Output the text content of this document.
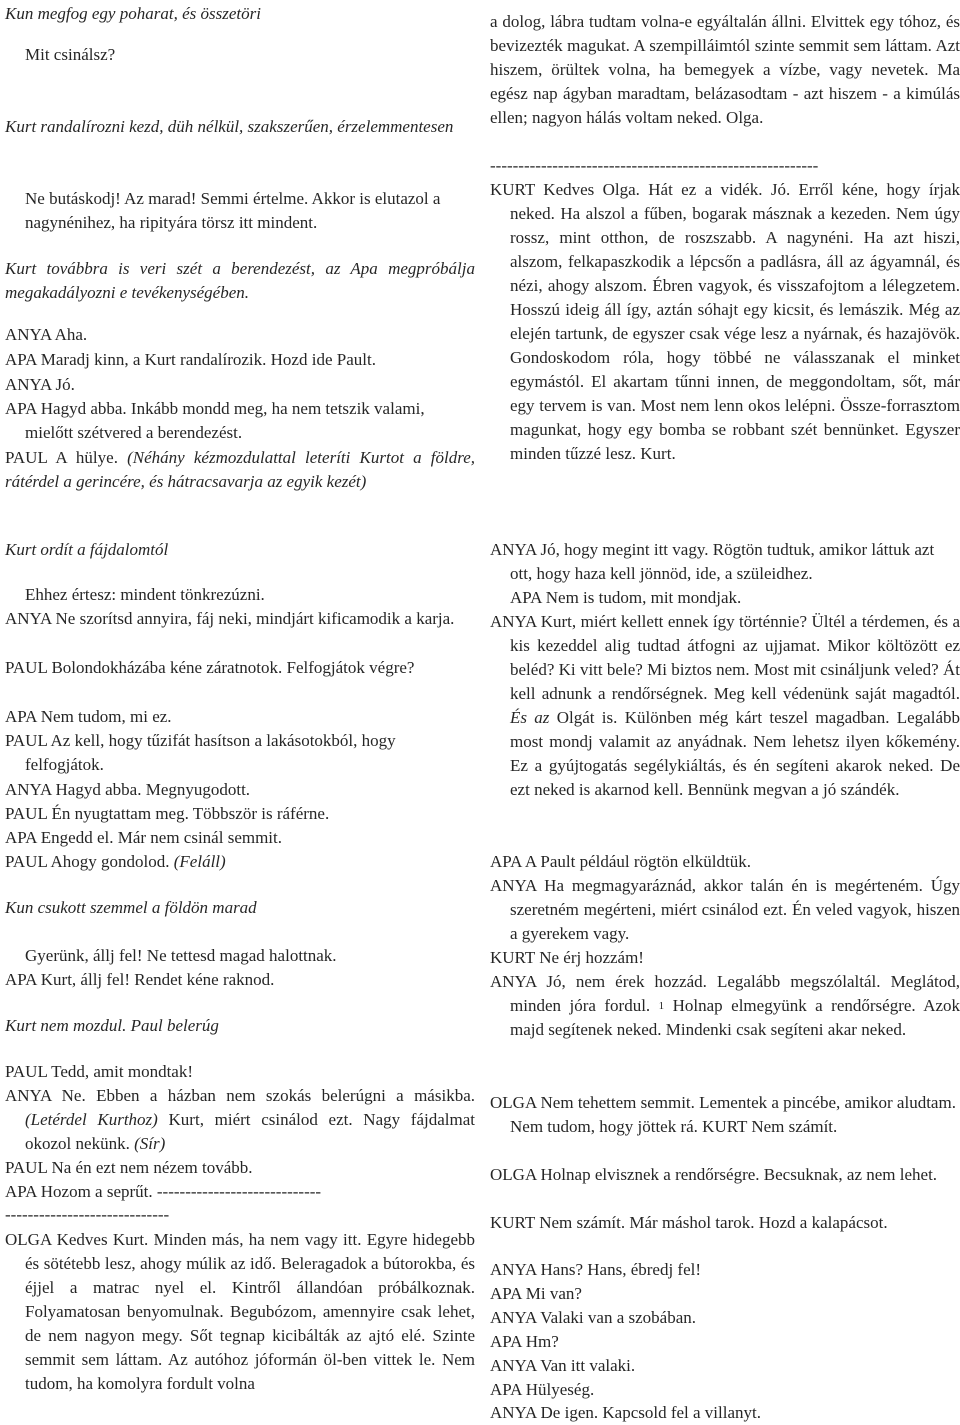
Kun megfog egy poharat, és összetöri

Mit csinálsz?

Kurt randalírozni kezd, düh nélkül, szakszerűen, érzelemmentesen

Ne butáskodj! Az marad! Semmi értelme. Akkor is elutazol a nagynénihez, ha ripityára törsz itt mindent.

Kurt továbbra is veri szét a berendezést, az Apa megpróbálja megakadályozni e tevékenységében.

ANYA Aha.

APA Maradj kinn, a Kurt randalírozik. Hozd ide Pault.

ANYA Jó.

APA Hagyd abba. Inkább mondd meg, ha nem tetszik valami, mielőtt szétvered a berendezést.

PAUL A hülye. (Néhány kézmozdulattal leteríti Kurtot a földre, rátérdel a gerincére, és hátracsavarja az egyik kezét)

Kurt ordít a fájdalomtól

Ehhez értesz: mindent tönkrezúzni.

ANYA Ne szorítsd annyira, fáj neki, mindjárt kificamodik a karja.

PAUL Bolondokházába kéne záratnotok. Felfogjátok végre?

APA Nem tudom, mi ez.

PAUL Az kell, hogy tűzifát hasítson a lakásotokból, hogy felfogjátok.

ANYA Hagyd abba. Megnyugodott.

PAUL Én nyugtattam meg. Többször is ráférne.

APA Engedd el. Már nem csinál semmit.

PAUL Ahogy gondolod. (Feláll)

Kun csukott szemmel a földön marad

Gyerünk, állj fel! Ne tettesd magad halottnak.

APA Kurt, állj fel! Rendet kéne raknod.

Kurt nem mozdul. Paul belerúg

PAUL Tedd, amit mondtak!

ANYA Ne. Ebben a házban nem szokás belerúgni a másikba. (Letérdel Kurthoz) Kurt, miért csinálod ezt. Nagy fájdalmat okozol nekünk. (Sír)

PAUL Na én ezt nem nézem tovább.

APA Hozom a seprűt. -----------------------------

-----------------------------

OLGA Kedves Kurt. Minden más, ha nem vagy itt. Egyre hidegebb és sötétebb lesz, ahogy múlik az idő. Beleragadok a bútorokba, és éjjel a matrac nyel el. Kintről állandóan próbálkoznak. Folyamatosan benyomulnak. Begubózom, amennyire csak lehet, de nem nagyon megy. Sőt tegnap kicibálták az ajtó elé. Szinte semmit sem láttam. Az autóhoz jóformán öl-ben vittek le. Nem tudom, ha komolyra fordult volna

a dolog, lábra tudtam volna-e egyáltalán állni. Elvittek egy tóhoz, és bevizezték magukat. A szempilláimtól szinte semmit sem láttam. Azt hiszem, örültek volna, ha bemegyek a vízbe, vagy nevetek. Ma egész nap ágyban maradtam, belázasodtam - azt hiszem - a kimúlás ellen; nagyon hálás voltam neked. Olga.

----------------------------------------------------------

KURT Kedves Olga. Hát ez a vidék. Jó. Erről kéne, hogy írjak neked. Ha alszol a fűben, bogarak másznak a kezeden. Nem úgy rossz, mint otthon, de roszszabb. A nagynéni. Ha azt hiszi, alszom, felkapaszkodik a lépcsőn a padlásra, áll az ágyamnál, és nézi, ahogy alszom. Ébren vagyok, és visszafojtom a lélegzetem. Hosszú ideig áll így, aztán sóhajt egy kicsit, és lemászik. Még az elején tartunk, de egyszer csak vége lesz a nyárnak, és hazajövök. Gondoskodom róla, hogy többé ne válasszanak el minket egymástól. El akartam tűnni innen, de meggondoltam, sőt, már egy tervem is van. Most nem lenn okos lelépni. Össze-forrasztom magunkat, hogy egy bomba se robbant szét bennünket. Egyszer minden tűzzé lesz. Kurt.

ANYA Jó, hogy megint itt vagy. Rögtön tudtuk, amikor láttuk azt ott, hogy haza kell jönnöd, ide, a szüleidhez.

APA Nem is tudom, mit mondjak.

ANYA Kurt, miért kellett ennek így történnie? Ültél a térdemen, és a kis kezeddel alig tudtad átfogni az ujjamat. Mikor költözött ez beléd? Ki vitt bele? Mi biztos nem. Most mit csináljunk veled? Át kell adnunk a rendőrségnek. Meg kell védenünk saját magadtól. És az Olgát is. Különben még kárt teszel magadban. Legalább most mondj valamit az anyádnak. Nem lehetsz ilyen kőkemény. Ez a gyújtogatás segélykiáltás, és én segíteni akarok neked. De ezt neked is akarnod kell. Bennünk megvan a jó szándék.

APA A Pault például rögtön elküldtük.

ANYA Ha megmagyaráznád, akkor talán én is megérteném. Úgy szeretném megérteni, miért csinálod ezt. Én veled vagyok, hiszen a gyerekem vagy.

KURT Ne érj hozzám!

ANYA Jó, nem érek hozzád. Legalább megszólaltál. Meglátod, minden jóra fordul. 1 Holnap elmegyünk a rendőrségre. Azok majd segítenek neked. Mindenki csak segíteni akar neked.

OLGA Nem tehettem semmit. Lementek a pincébe, amikor aludtam. Nem tudom, hogy jöttek rá. KURT Nem számít.

OLGA Holnap elvisznek a rendőrségre. Becsuknak, az nem lehet.

KURT Nem számít. Már máshol tarok. Hozd a kalapácsot.

ANYA Hans? Hans, ébredj fel!

APA Mi van?

ANYA Valaki van a szobában.

APA Hm?

ANYA Van itt valaki.

APA Hülyeség.

ANYA De igen. Kapcsold fel a villanyt.
